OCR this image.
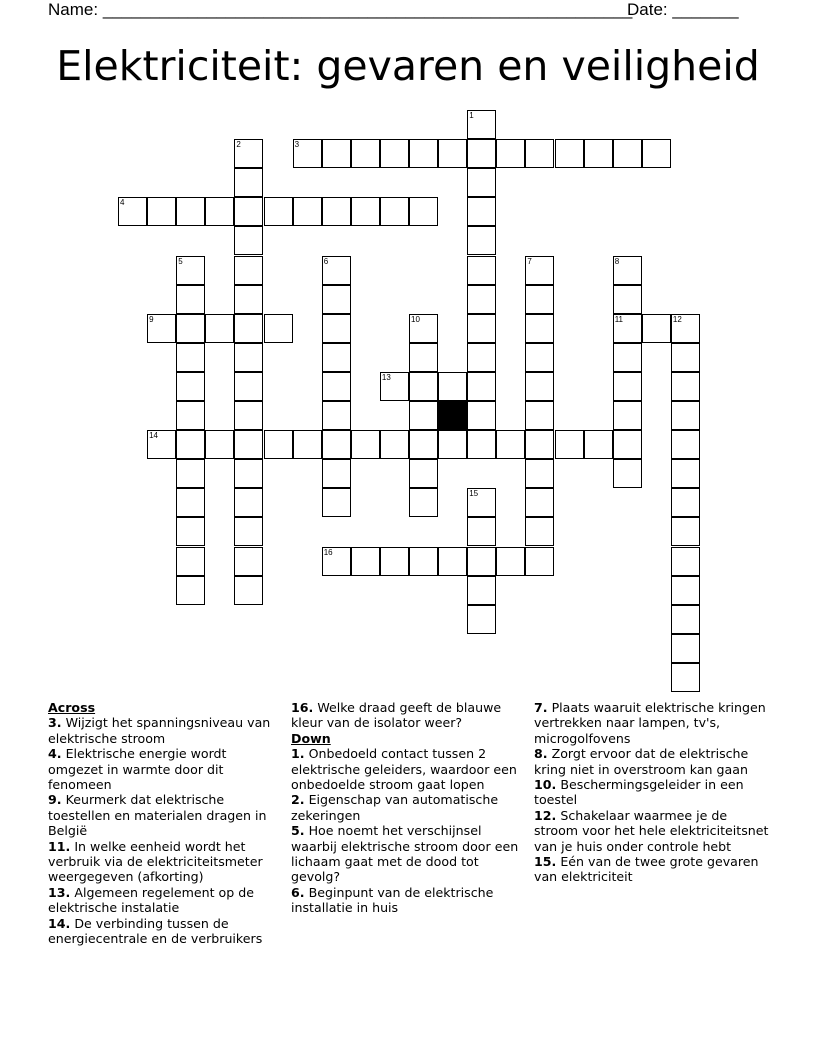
Name: ________________________________________________________
Date: _______
Elektriciteit: gevaren en veiligheid
3
4
9	11	12
13
14
16
1
2
5	6	7	8
10
15
Across
3. Wijzigt het spanningsniveau van elektrische stroom
4. Elektrische energie wordt omgezet in warmte door dit fenomeen
9. Keurmerk dat elektrische toestellen en materialen dragen in België
11. In welke eenheid wordt het verbruik via de elektriciteitsmeter weergegeven (afkorting)
13. Algemeen regelement op de elektrische instalatie
14. De verbinding tussen de energiecentrale en de verbruikers
16. Welke draad geeft de blauwe kleur van de isolator weer?
Down
1. Onbedoeld contact tussen 2 elektrische geleiders, waardoor een onbedoelde stroom gaat lopen
2. Eigenschap van automatische zekeringen
5. Hoe noemt het verschijnsel waarbij elektrische stroom door een lichaam gaat met de dood tot gevolg?
6. Beginpunt van de elektrische installatie in huis
7. Plaats waaruit elektrische kringen vertrekken naar lampen, tv's, microgolfovens
8. Zorgt ervoor dat de elektrische kring niet in overstroom kan gaan
10. Beschermingsgeleider in een toestel
12. Schakelaar waarmee je de stroom voor het hele elektriciteitsnet van je huis onder controle hebt
15. Eén van de twee grote gevaren van elektriciteit
